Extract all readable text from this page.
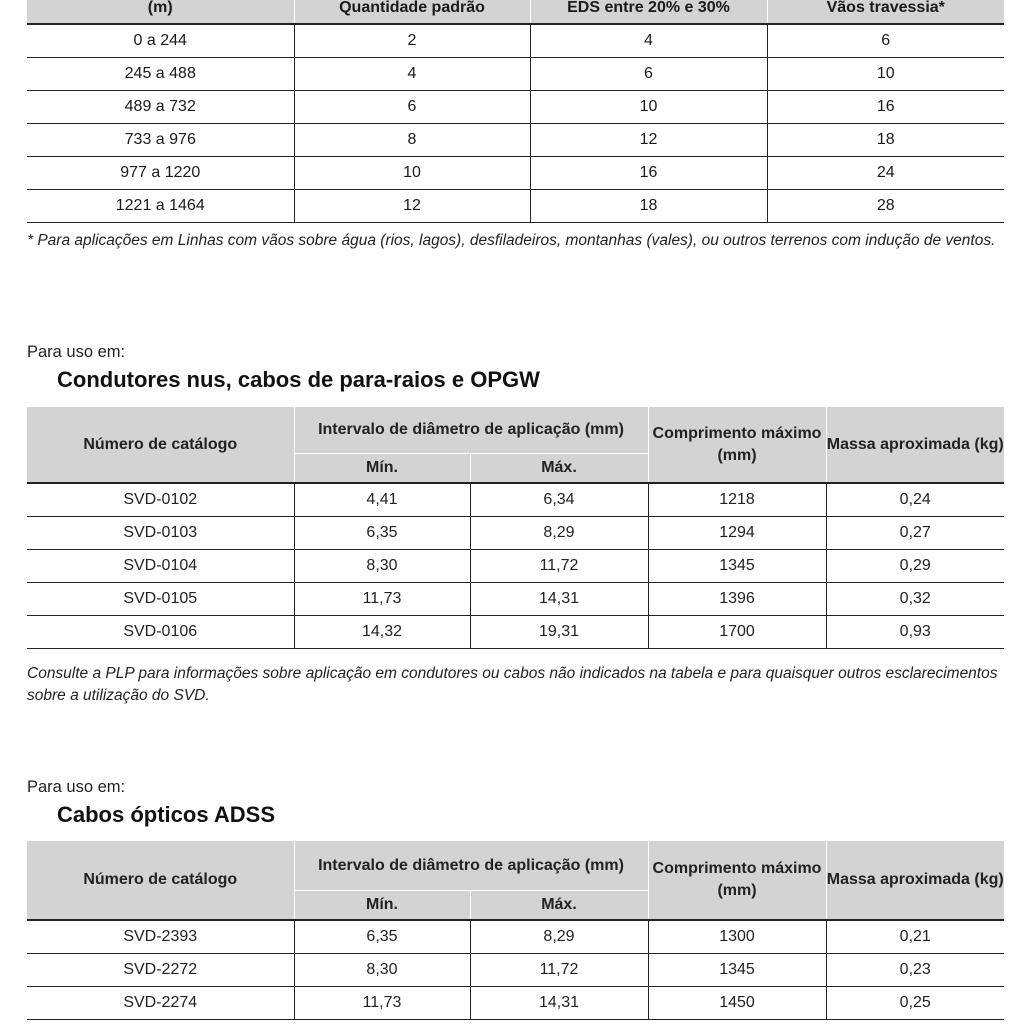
(m)	Quantidade padrão	EDS entre 20% e 30%	Vãos travessia*
0 a 244	2	4	6
245 a 488	4	6	10
489 a 732	6	10	16
733 a 976	8	12	18
977 a 1220	10	16	24
1221 a 1464	12	18	28
* Para aplicações em Linhas com vãos sobre água (rios, lagos), desfiladeiros, montanhas (vales), ou outros terrenos com indução de ventos.
Para uso em:
Condutores nus, cabos de para-raios e OPGW
Número de catálogo	Intervalo de diâmetro de aplicação (mm)		Comprimento máximo (mm)	Massa aproximada (kg)
	Mín.	Máx.		
SVD-0102	4,41	6,34	1218	0,24
SVD-0103	6,35	8,29	1294	0,27
SVD-0104	8,30	11,72	1345	0,29
SVD-0105	11,73	14,31	1396	0,32
SVD-0106	14,32	19,31	1700	0,93
Consulte a PLP para informações sobre aplicação em condutores ou cabos não indicados na tabela e para quaisquer outros esclarecimentos sobre a utilização do SVD.
Para uso em:
Cabos ópticos ADSS
Número de catálogo	Intervalo de diâmetro de aplicação (mm)		Comprimento máximo (mm)	Massa aproximada (kg)
	Mín.	Máx.		
SVD-2393	6,35	8,29	1300	0,21
SVD-2272	8,30	11,72	1345	0,23
SVD-2274	11,73	14,31	1450	0,25
